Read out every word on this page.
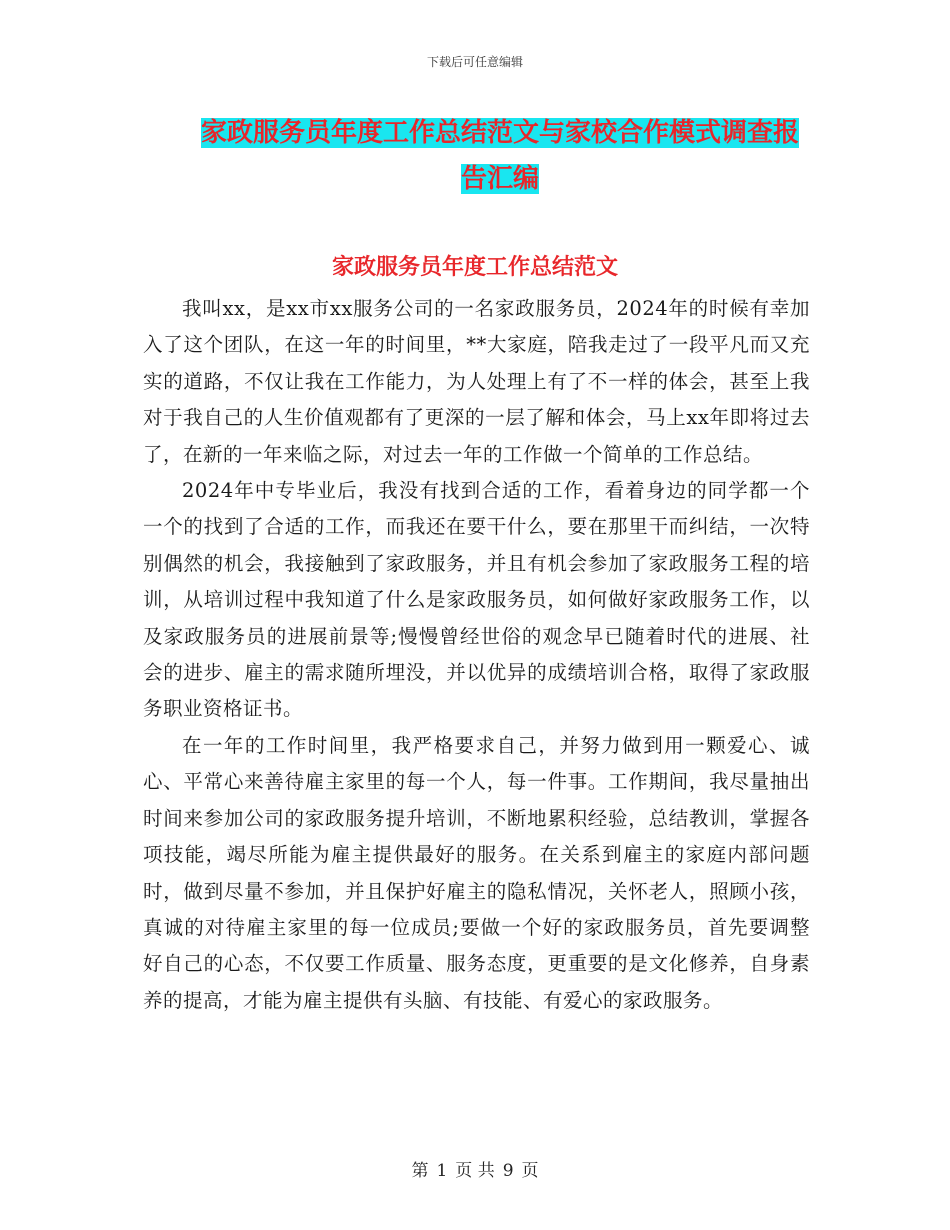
下载后可任意编辑
家政服务员年度工作总结范文与家校合作模式调查报
告汇编
家政服务员年度工作总结范文

我叫xx，是xx市xx服务公司的一名家政服务员，2024年的时候有幸加入了这个团队，在这一年的时间里，**大家庭，陪我走过了一段平凡而又充实的道路，不仅让我在工作能力，为人处理上有了不一样的体会，甚至上我对于我自己的人生价值观都有了更深的一层了解和体会，马上xx年即将过去了，在新的一年来临之际，对过去一年的工作做一个简单的工作总结。

2024年中专毕业后，我没有找到合适的工作，看着身边的同学都一个一个的找到了合适的工作，而我还在要干什么，要在那里干而纠结，一次特别偶然的机会，我接触到了家政服务，并且有机会参加了家政服务工程的培训，从培训过程中我知道了什么是家政服务员，如何做好家政服务工作，以及家政服务员的进展前景等;慢慢曾经世俗的观念早已随着时代的进展、社会的进步、雇主的需求随所埋没，并以优异的成绩培训合格，取得了家政服务职业资格证书。

在一年的工作时间里，我严格要求自己，并努力做到用一颗爱心、诚心、平常心来善待雇主家里的每一个人，每一件事。工作期间，我尽量抽出时间来参加公司的家政服务提升培训，不断地累积经验，总结教训，掌握各项技能，竭尽所能为雇主提供最好的服务。在关系到雇主的家庭内部问题时，做到尽量不参加，并且保护好雇主的隐私情况，关怀老人，照顾小孩，真诚的对待雇主家里的每一位成员;要做一个好的家政服务员，首先要调整好自己的心态，不仅要工作质量、服务态度，更重要的是文化修养，自身素养的提高，才能为雇主提供有头脑、有技能、有爱心的家政服务。

第 1 页 共 9 页
